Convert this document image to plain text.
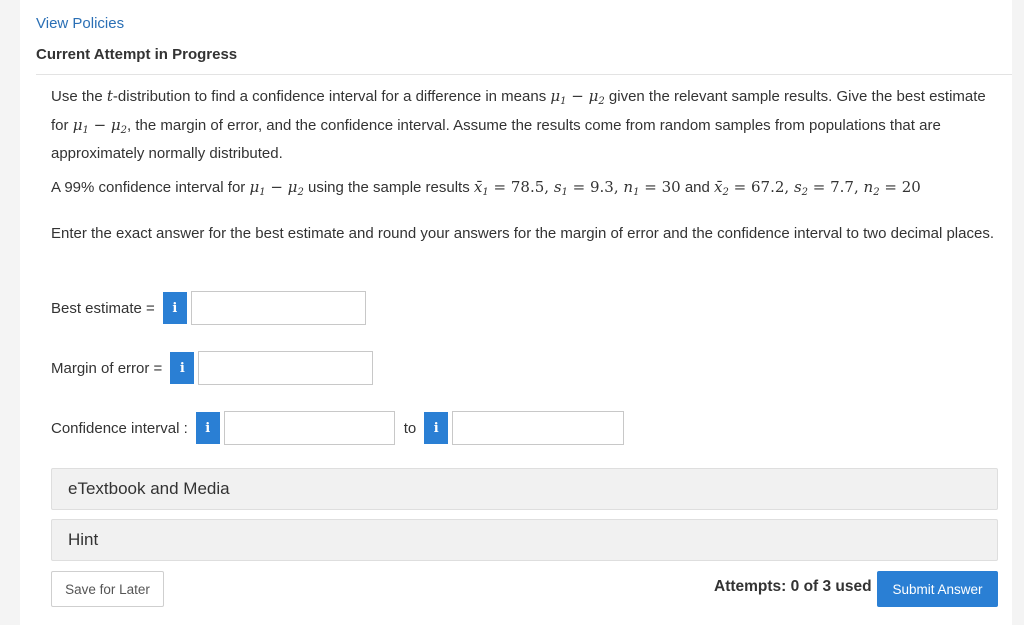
View Policies
Current Attempt in Progress
Use the t-distribution to find a confidence interval for a difference in means $\mu_1 - \mu_2$ given the relevant sample results. Give the best estimate for $\mu_1 - \mu_2$, the margin of error, and the confidence interval. Assume the results come from random samples from populations that are approximately normally distributed.
A 99% confidence interval for $\mu_1 - \mu_2$ using the sample results $x̄_1 = 78.5$, $s_1 = 9.3$, $n_1 = 30$ and $x̄_2 = 67.2$, $s_2 = 7.7$, $n_2 = 20$
Enter the exact answer for the best estimate and round your answers for the margin of error and the confidence interval to two decimal places.
Best estimate =	i
Margin of error =	i
Confidence interval :	i	to	i
eTextbook and Media
Hint
Save for Later	Attempts: 0 of 3 used	Submit Answer
